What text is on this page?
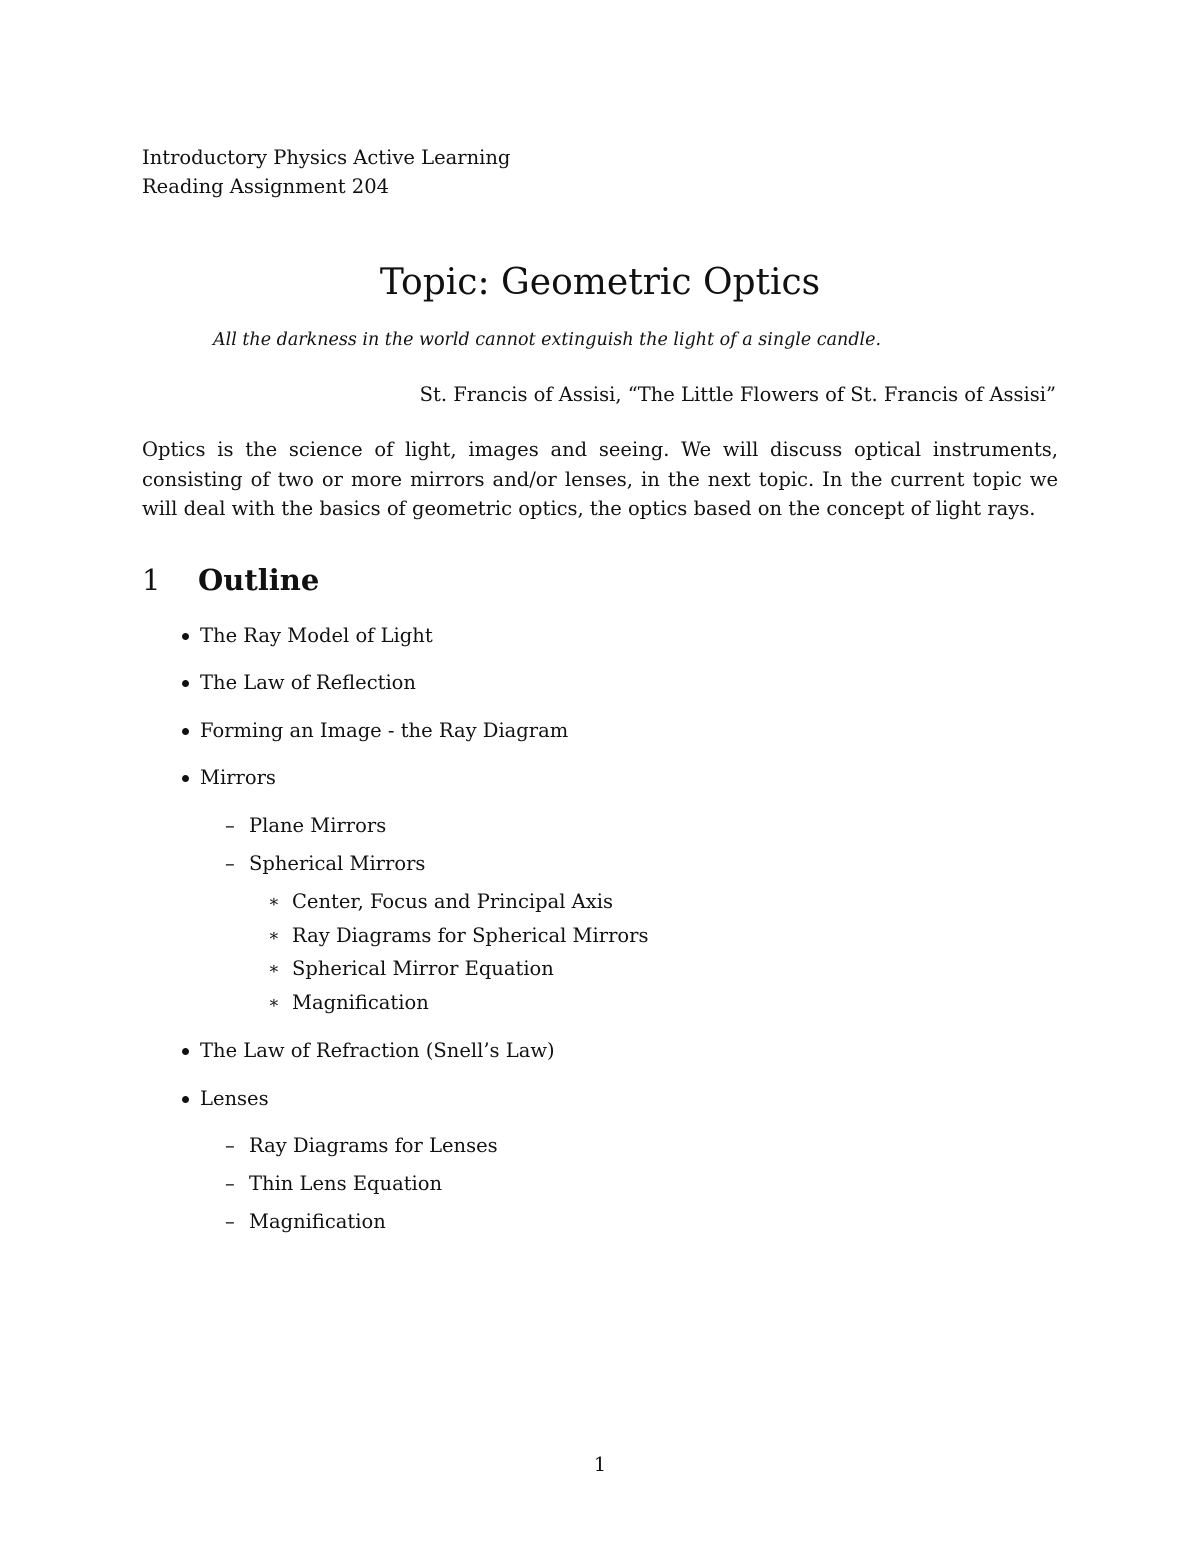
Introductory Physics Active Learning
Reading Assignment 204
Topic: Geometric Optics
All the darkness in the world cannot extinguish the light of a single candle.
St. Francis of Assisi, “The Little Flowers of St. Francis of Assisi”
Optics is the science of light, images and seeing. We will discuss optical instruments, consisting of two or more mirrors and/or lenses, in the next topic. In the current topic we will deal with the basics of geometric optics, the optics based on the concept of light rays.
1 Outline
The Ray Model of Light
The Law of Reflection
Forming an Image - the Ray Diagram
Mirrors
– Plane Mirrors
– Spherical Mirrors
∗ Center, Focus and Principal Axis
∗ Ray Diagrams for Spherical Mirrors
∗ Spherical Mirror Equation
∗ Magnification
The Law of Refraction (Snell’s Law)
Lenses
– Ray Diagrams for Lenses
– Thin Lens Equation
– Magnification
1
